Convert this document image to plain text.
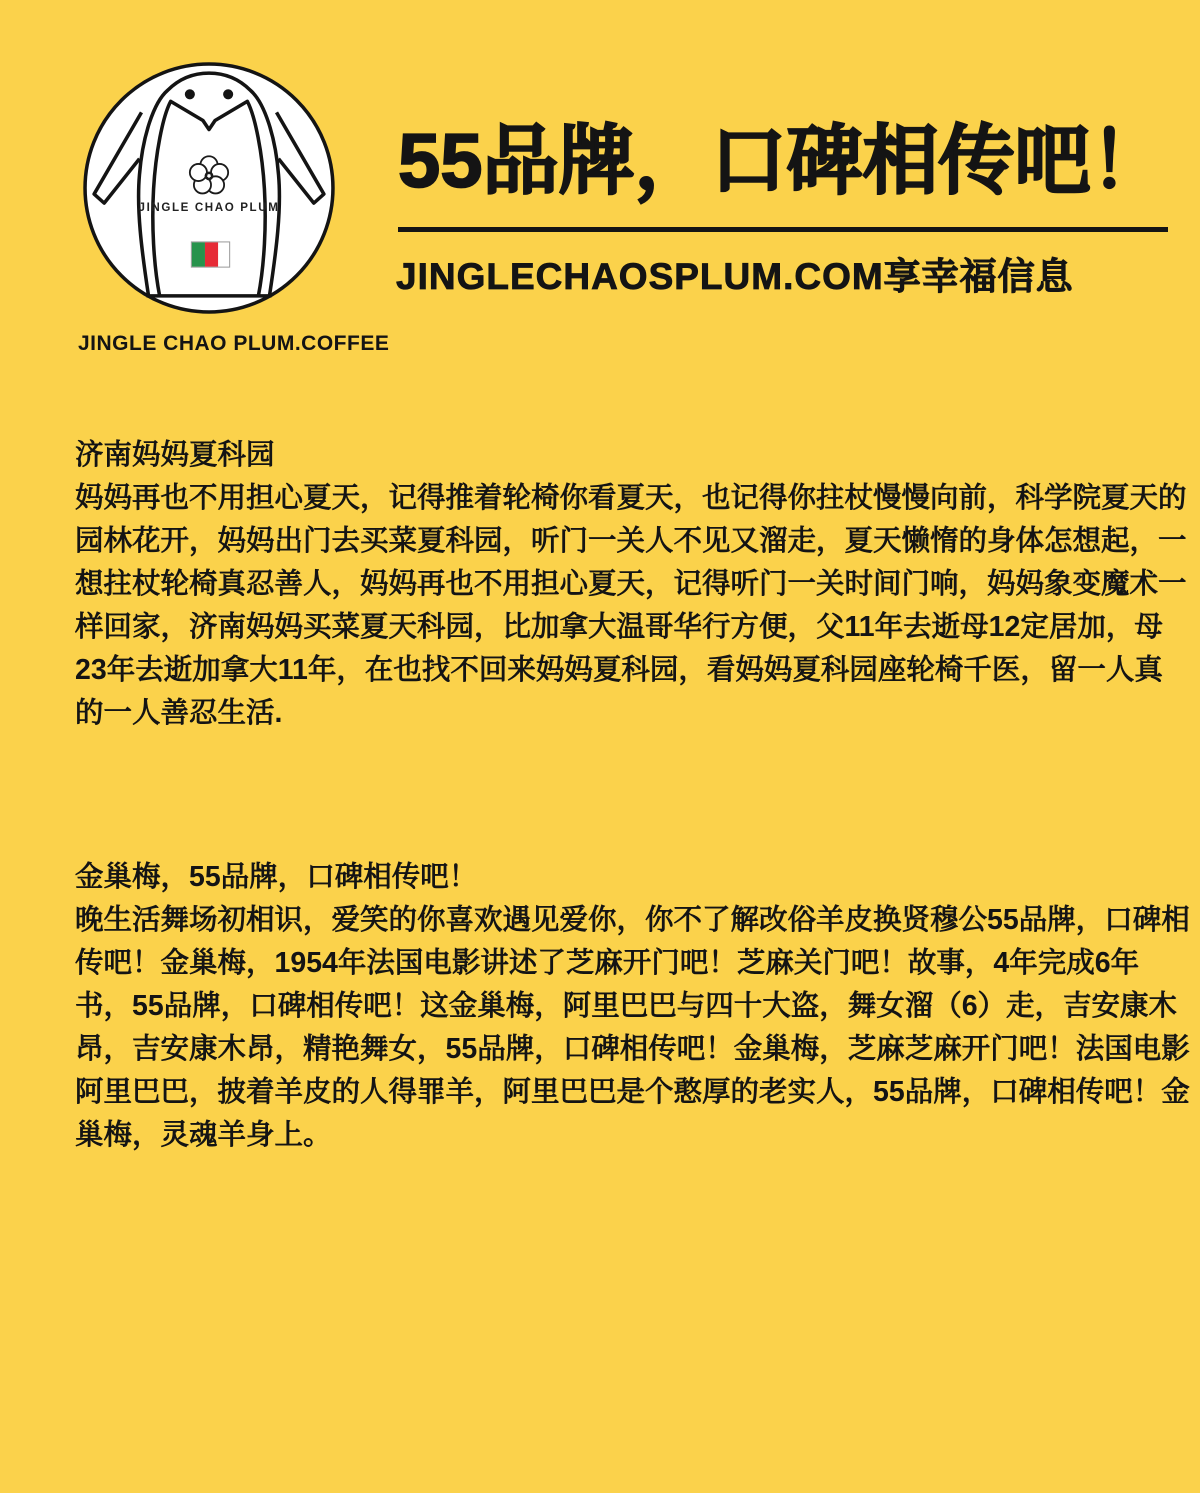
JINGLE CHAO PLUM
JINGLE CHAO PLUM.COFFEE
55品牌，口碑相传吧！
JINGLECHAOSPLUM.COM享幸福信息
济南妈妈夏科园
妈妈再也不用担心夏天，记得推着轮椅你看夏天，也记得你拄杖慢慢向前，科学院夏天的
园林花开，妈妈出门去买菜夏科园，听门一关人不见又溜走，夏天懒惰的身体怎想起，一
想拄杖轮椅真忍善人，妈妈再也不用担心夏天，记得听门一关时间门响，妈妈象变魔术一
样回家，济南妈妈买菜夏天科园，比加拿大温哥华行方便，父11年去逝母12定居加，母
23年去逝加拿大11年，在也找不回来妈妈夏科园，看妈妈夏科园座轮椅千医，留一人真
的一人善忍生活.
金巢梅，55品牌，口碑相传吧！
晚生活舞场初相识，爱笑的你喜欢遇见爱你，你不了解改俗羊皮换贤穆公55品牌，口碑相
传吧！金巢梅，1954年法国电影讲述了芝麻开门吧！芝麻关门吧！故事，4年完成6年
书，55品牌，口碑相传吧！这金巢梅，阿里巴巴与四十大盗，舞女溜（6）走，吉安康木
昂，吉安康木昂，精艳舞女，55品牌，口碑相传吧！金巢梅，芝麻芝麻开门吧！法国电影
阿里巴巴，披着羊皮的人得罪羊，阿里巴巴是个憨厚的老实人，55品牌，口碑相传吧！金
巢梅，灵魂羊身上。
